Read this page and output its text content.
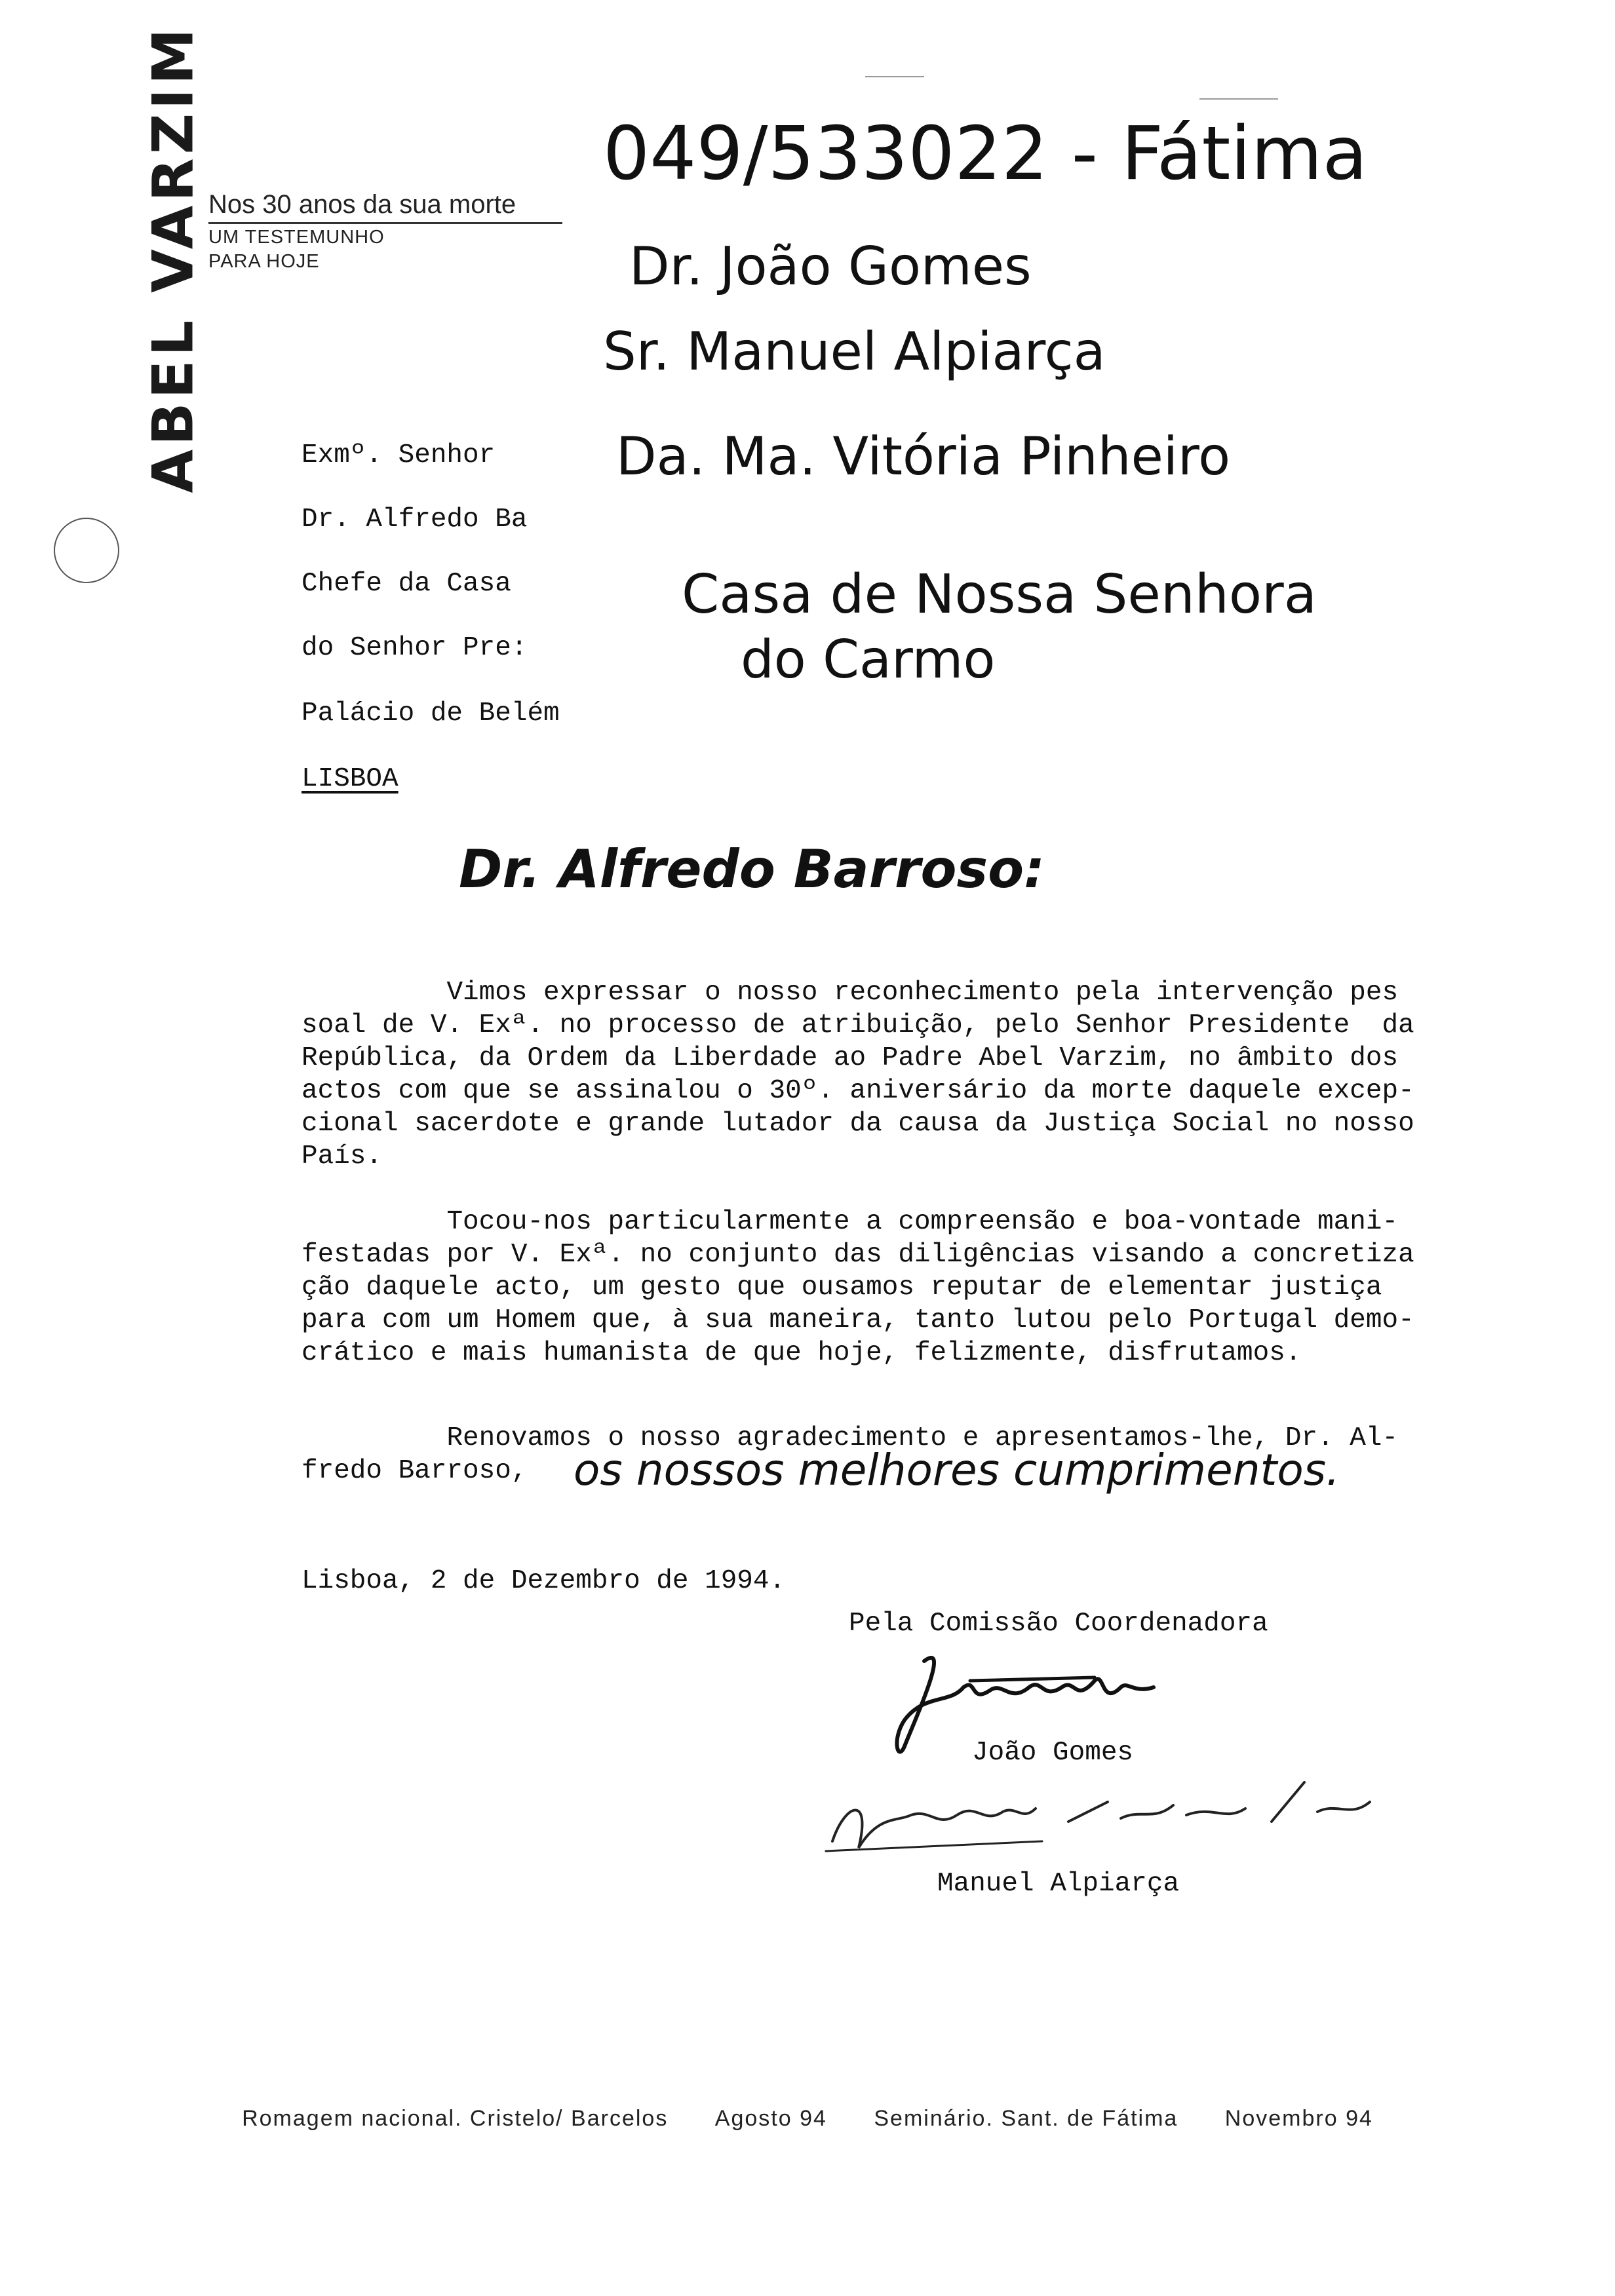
ABEL VARZIM Nos 30 anos da sua morte
UM TESTEMUNHO
PARA HOJE
049/533022 - Fátima
Dr. João Gomes
Sr. Manuel Alpiarça
Da. Ma. Vitória Pinheiro
Casa de Nossa Senhora
do Carmo
Exmº. Senhor
Dr. Alfredo Ba
Chefe da Casa
do Senhor Pre:
Palácio de Belém
LISBOA
Dr. Alfredo Barroso:
Vimos expressar o nosso reconhecimento pela intervenção pes
soal de V. Exª. no processo de atribuição, pelo Senhor Presidente  da
República, da Ordem da Liberdade ao Padre Abel Varzim, no âmbito dos
actos com que se assinalou o 30º. aniversário da morte daquele excep-
cional sacerdote e grande lutador da causa da Justiça Social no nosso
País.
Tocou-nos particularmente a compreensão e boa-vontade mani-
festadas por V. Exª. no conjunto das diligências visando a concretiza
ção daquele acto, um gesto que ousamos reputar de elementar justiça
para com um Homem que, à sua maneira, tanto lutou pelo Portugal demo-
crático e mais humanista de que hoje, felizmente, disfrutamos.
Renovamos o nosso agradecimento e apresentamos-lhe, Dr. Al-
fredo Barroso, os nossos melhores cumprimentos.
Lisboa, 2 de Dezembro de 1994.
Pela Comissão Coordenadora
João Gomes
Manuel Alpiarça
Romagem nacional. Cristelo/ Barcelos Agosto 94 Seminário. Sant. de Fátima Novembro 94
